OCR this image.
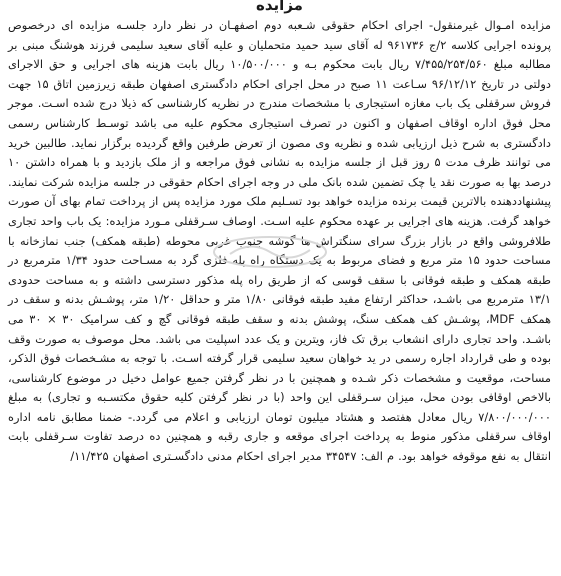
مزایده
مزایده امـوال غیرمنقول- اجرای احکام حقوقی شـعبه دوم اصفهـان در نظر دارد جلسـه مزایده ای درخصوص پرونده اجرایی کلاسه ۲/ج ۹۶۱۷۳۶ له آقای سید حمید متحملیان و علیه آقای سعید سلیمی فرزند هوشنگ مبنی بر مطالبه مبلغ ۷/۴۵۵/۲۵۴/۵۶۰ ریال بابت محکوم بـه و ۱۰/۵۰۰/۰۰۰ ریال بابت هزینه های اجرایی و حق الاجرای دولتی در تاریخ ۹۶/۱۲/۱۲ سـاعت ۱۱ صبح در محل اجرای احکام دادگستری اصفهان طبقه زیرزمین اتاق ۱۵ جهت فروش سرقفلی یک باب مغازه استیجاری با مشخصات مندرج در نظریه کارشناسی که ذیلا درج شده اسـت. موجر محل فوق اداره اوقاف اصفهان و اکنون در تصرف استیجاری محکوم علیه می باشد توسـط کارشناس رسمی دادگستری به شرح ذیل ارزیابی شده و نظریه وی مصون از تعرض طرفین واقع گردیده برگزار نماید. طالبین خرید می توانند ظرف مدت ۵ روز قبل از جلسه مزایده به نشانی فوق مراجعه و از ملک بازدید و با همراه داشتن ۱۰ درصد بها به صورت نقد یا چک تضمین شده بانک ملی در وجه اجرای احکام حقوقی در جلسه مزایده شرکت نمایند. پیشنهاددهنده بالاترین قیمت برنده مزایده خواهد بود تسـلیم ملک مورد مزایده پس از پرداخت تمام بهای آن صورت خواهد گرفت. هزینه های اجرایی بر عهده محکوم علیه اسـت. اوصاف سـرقفلی مـورد مزایده: یک باب واحد تجاری طلافروشی واقع در بازار بزرگ سرای سنگتراش ها گوشه جنوب غربی محوطه (طبقه همکف) جنب نمازخانه با مساحت حدود ۱۵ متر مربع و فضای مربوط به یک دستگاه راه پله فلزی گرد به مسـاحت حدود ۱/۳۴ مترمربع در طبقه همکف و طبقه فوقانی با سقف قوسی که از طریق راه پله مذکور دسترسی داشته و به مساحت حدودی ۱۳/۱ مترمربع می باشـد، حداکثر ارتفاع مفید طبقه فوقانی ۱/۸۰ متر و حداقل ۱/۲۰ متر، پوشـش بدنه و سقف در همکف MDF، پوشـش کف همکف سنگ، پوشش بدنه و سقف طبقه فوقانی گچ و کف سرامیک ۳۰ × ۳۰ می باشـد. واحد تجاری دارای انشعاب برق تک فاز، ویترین و یک عدد اسپلیت می باشد. محل موصوف به صورت وقف بوده و طی قرارداد اجاره رسمی در ید خواهان سعید سلیمی قرار گرفته اسـت. با توجه به مشـخصات فوق الذکر، مساحت، موقعیت و مشخصات ذکر شـده و همچنین با در نظر گرفتن جمیع عوامل دخیل در موضوع کارشناسی، بالاخص اوقافی بودن محل، میزان سـرقفلی این واحد (با در نظر گرفتن کلیه حقوق مکتسـبه و تجاری) به مبلغ ۷/۸۰۰/۰۰۰/۰۰۰ ریال معادل هفتصد و هشتاد میلیون تومان ارزیابی و اعلام می گردد.- ضمنا مطابق نامه اداره اوقاف سرقفلی مذکور منوط به پرداخت اجرای موقعه و جاری رقبه و همچنین ده درصد تفاوت سـرقفلی بابت انتقال به نفع موقوفه خواهد بود. م الف: ۳۴۵۴۷ مدیر اجرای احکام مدنی دادگسـتری اصفهان ۱۱/۴۲۵/
